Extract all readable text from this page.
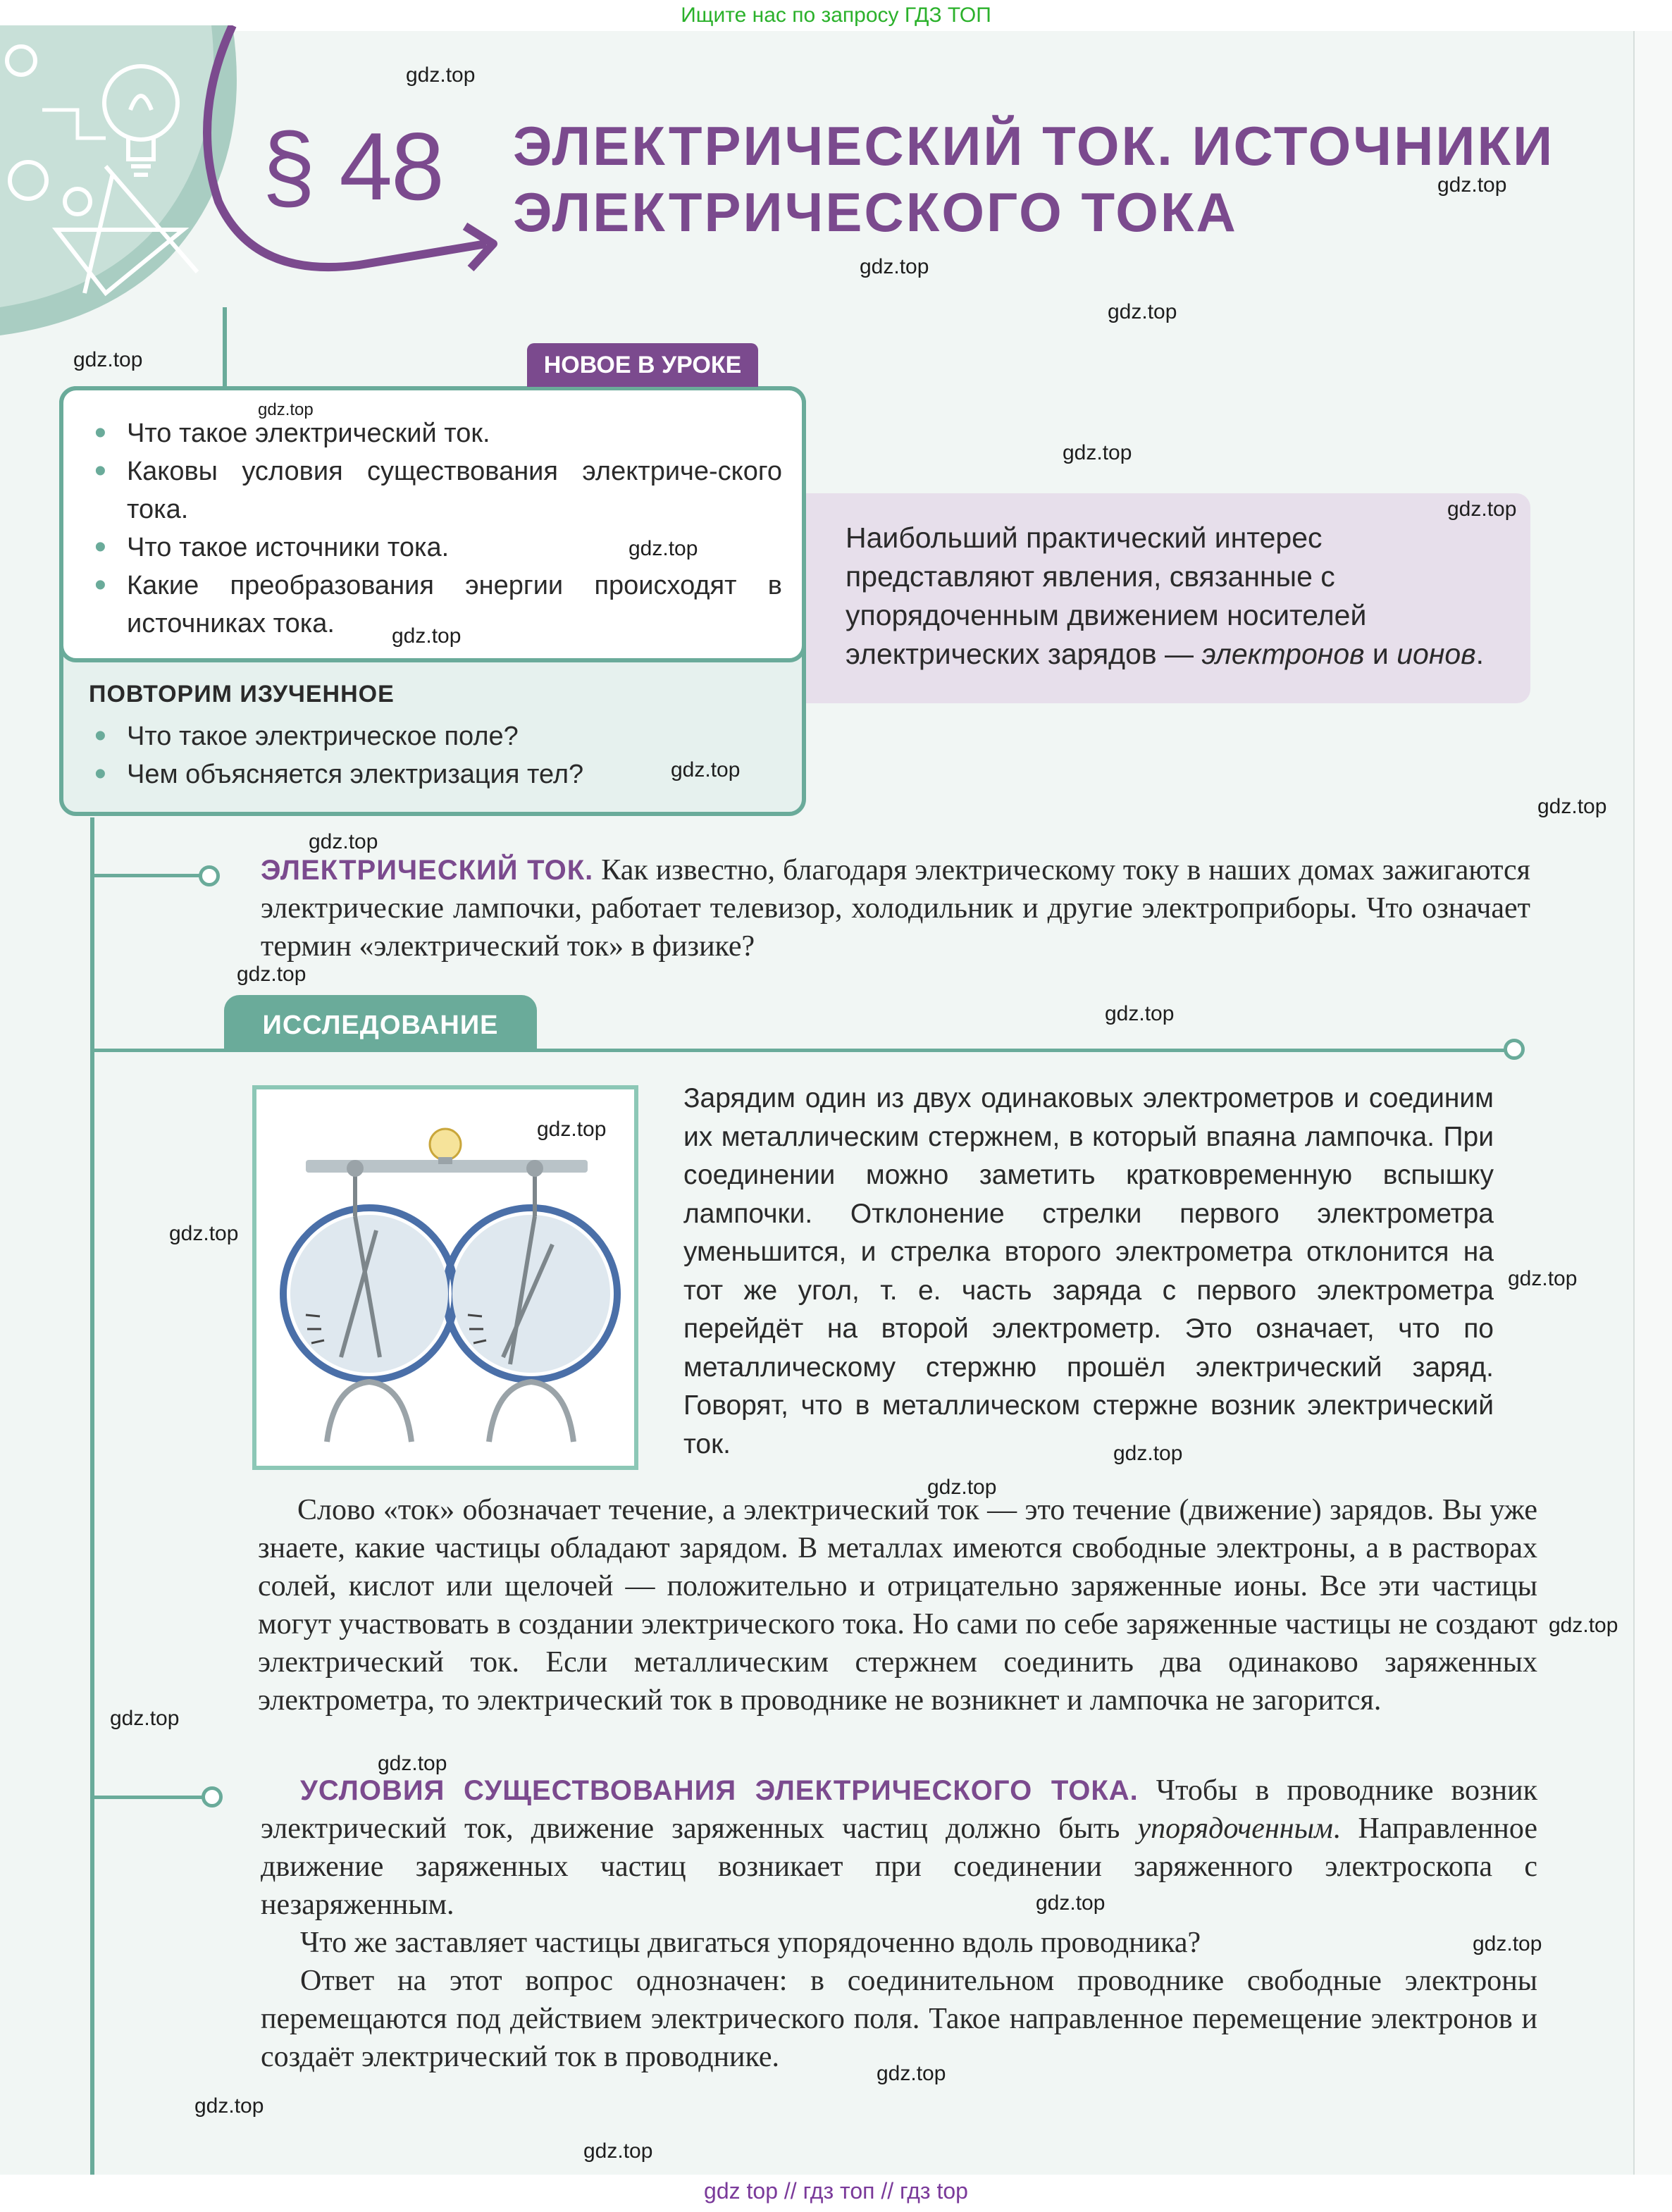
Ищите нас по запросу ГДЗ ТОП
§ 48 ЭЛЕКТРИЧЕСКИЙ ТОК. ИСТОЧНИКИ
ЭЛЕКТРИЧЕСКОГО ТОКА
НОВОЕ В УРОКЕ
• Что такое электрический ток.
• Каковы условия существования электриче-ского тока.
• Что такое источники тока.
• Какие преобразования энергии происходят в источниках тока.
ПОВТОРИМ ИЗУЧЕННОЕ
• Что такое электрическое поле?
• Чем объясняется электризация тел?
Наибольший практический интерес представляют явления, связанные с упорядоченным движением носителей электрических зарядов — электронов и ионов.
ЭЛЕКТРИЧЕСКИЙ ТОК. Как известно, благодаря электрическому току в наших домах зажигаются электрические лампочки, работает телевизор, холодильник и другие электроприборы. Что означает термин «электрический ток» в физике?
ИССЛЕДОВАНИЕ
Зарядим один из двух одинаковых электрометров и соединим их металлическим стержнем, в который впаяна лампочка. При соединении можно заметить кратковременную вспышку лампочки. Отклонение стрелки первого электрометра уменьшится, и стрелка второго электрометра отклонится на тот же угол, т. е. часть заряда с первого электрометра перейдёт на второй электрометр. Это означает, что по металлическому стержню прошёл электрический заряд. Говорят, что в металлическом стержне возник электрический ток.
Слово «ток» обозначает течение, а электрический ток — это течение (движение) зарядов. Вы уже знаете, какие частицы обладают зарядом. В металлах имеются свободные электроны, а в растворах солей, кислот или щелочей — положительно и отрицательно заряженные ионы. Все эти частицы могут участвовать в создании электрического тока. Но сами по себе заряженные частицы не создают электрический ток. Если металлическим стержнем соединить два одинаково заряженных электрометра, то электрический ток в проводнике не возникнет и лампочка не загорится.
УСЛОВИЯ СУЩЕСТВОВАНИЯ ЭЛЕКТРИЧЕСКОГО ТОКА. Чтобы в проводнике возник электрический ток, движение заряженных частиц должно быть упорядоченным. Направленное движение заряженных частиц возникает при соединении заряженного электроскопа с незаряженным.
Что же заставляет частицы двигаться упорядоченно вдоль проводника?
Ответ на этот вопрос однозначен: в соединительном проводнике свободные электроны перемещаются под действием электрического поля. Такое направленное перемещение электронов и создаёт электрический ток в проводнике.
gdz.top
gdz.top
gdz.top
gdz.top
gdz.top
gdz.top
gdz.top
gdz.top
gdz.top
gdz.top
gdz.top
gdz.top
gdz.top
gdz.top
gdz.top
gdz.top
gdz.top
gdz.top
gdz.top
gdz.top
gdz.top
gdz.top
gdz.top
gdz.top
gdz.top
gdz.top
gdz.top
gdz.top
gdz top // гдз топ // гдз top
